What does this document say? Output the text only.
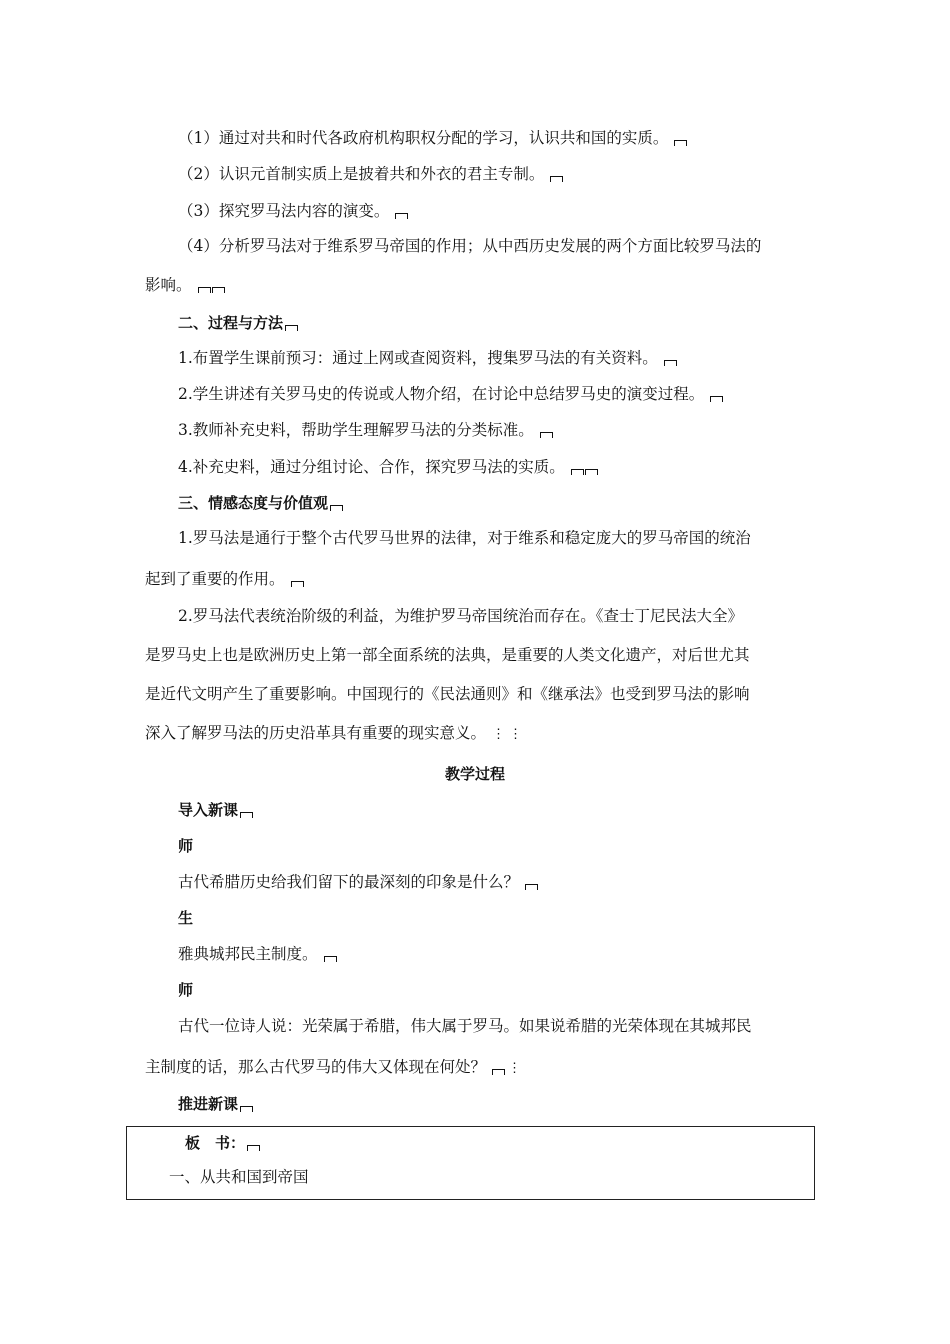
（1）通过对共和时代各政府机构职权分配的学习，认识共和国的实质。
（2）认识元首制实质上是披着共和外衣的君主专制。
（3）探究罗马法内容的演变。
（4）分析罗马法对于维系罗马帝国的作用；从中西历史发展的两个方面比较罗马法的
影响。
二、过程与方法
1.布置学生课前预习：通过上网或查阅资料，搜集罗马法的有关资料。
2.学生讲述有关罗马史的传说或人物介绍，在讨论中总结罗马史的演变过程。
3.教师补充史料，帮助学生理解罗马法的分类标准。
4.补充史料，通过分组讨论、合作，探究罗马法的实质。
三、情感态度与价值观
1.罗马法是通行于整个古代罗马世界的法律，对于维系和稳定庞大的罗马帝国的统治
起到了重要的作用。
2.罗马法代表统治阶级的利益，为维护罗马帝国统治而存在。《查士丁尼民法大全》
是罗马史上也是欧洲历史上第一部全面系统的法典，是重要的人类文化遗产，对后世尤其
是近代文明产生了重要影响。中国现行的《民法通则》和《继承法》也受到罗马法的影响
深入了解罗马法的历史沿革具有重要的现实意义。 ⋮⋮
教学过程
导入新课
师
古代希腊历史给我们留下的最深刻的印象是什么？
生
雅典城邦民主制度。
师
古代一位诗人说：光荣属于希腊，伟大属于罗马。如果说希腊的光荣体现在其城邦民
主制度的话，那么古代罗马的伟大又体现在何处？ ⋮
推进新课
板　书：
一、从共和国到帝国
